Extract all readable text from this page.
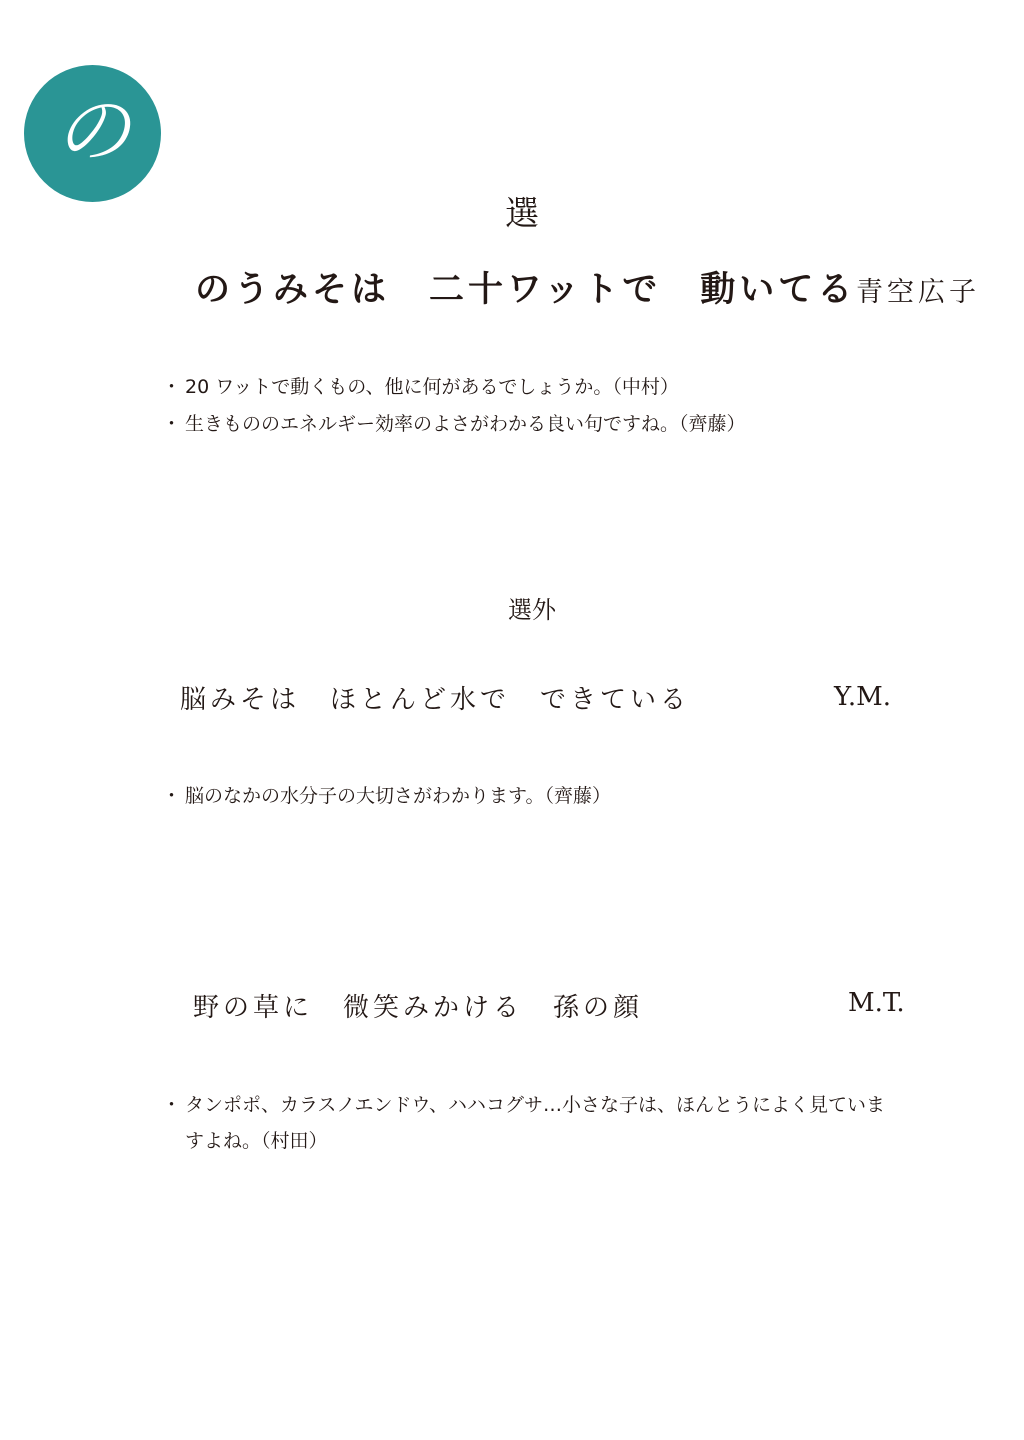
の
選
のうみそは　二十ワットで　動いてる 青空広子
・ 20 ワットで動くもの、他に何があるでしょうか。（中村）
・ 生きもののエネルギー効率のよさがわかる良い句ですね。（齊藤）
選外
脳みそは　ほとんど水で　できている	Y.M.
・ 脳のなかの水分子の大切さがわかります。（齊藤）
野の草に　微笑みかける　孫の顔	M.T.
・ タンポポ、カラスノエンドウ、ハハコグサ…小さな子は、ほんとうによく見ていますよね。（村田）
